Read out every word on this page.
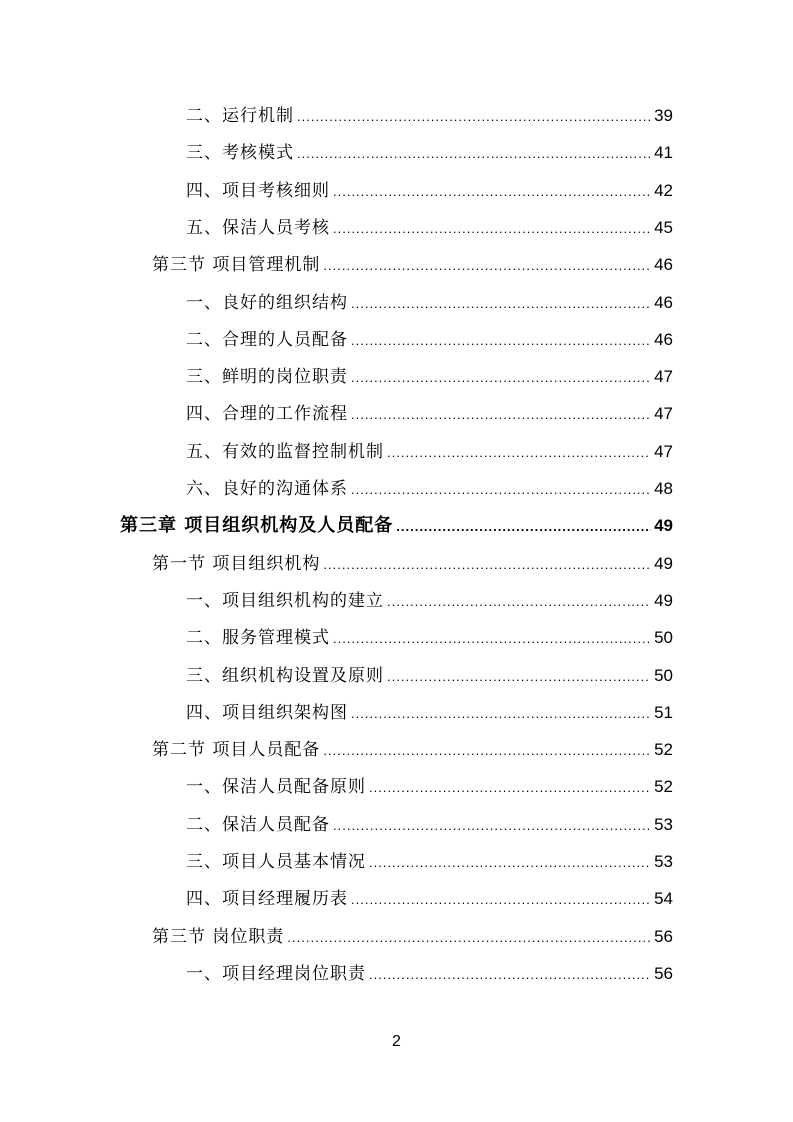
二、运行机制 .....	39
三、考核模式 .....	41
四、项目考核细则 .....	42
五、保洁人员考核 .....	45
第三节 项目管理机制 .....	46
一、良好的组织结构 .....	46
二、合理的人员配备 .....	46
三、鲜明的岗位职责 .....	47
四、合理的工作流程 .....	47
五、有效的监督控制机制 .....	47
六、良好的沟通体系 .....	48
第三章 项目组织机构及人员配备 .....	49
第一节 项目组织机构 .....	49
一、项目组织机构的建立 .....	49
二、服务管理模式 .....	50
三、组织机构设置及原则 .....	50
四、项目组织架构图 .....	51
第二节 项目人员配备 .....	52
一、保洁人员配备原则 .....	52
二、保洁人员配备 .....	53
三、项目人员基本情况 .....	53
四、项目经理履历表 .....	54
第三节 岗位职责 .....	56
一、项目经理岗位职责 .....	56
2
